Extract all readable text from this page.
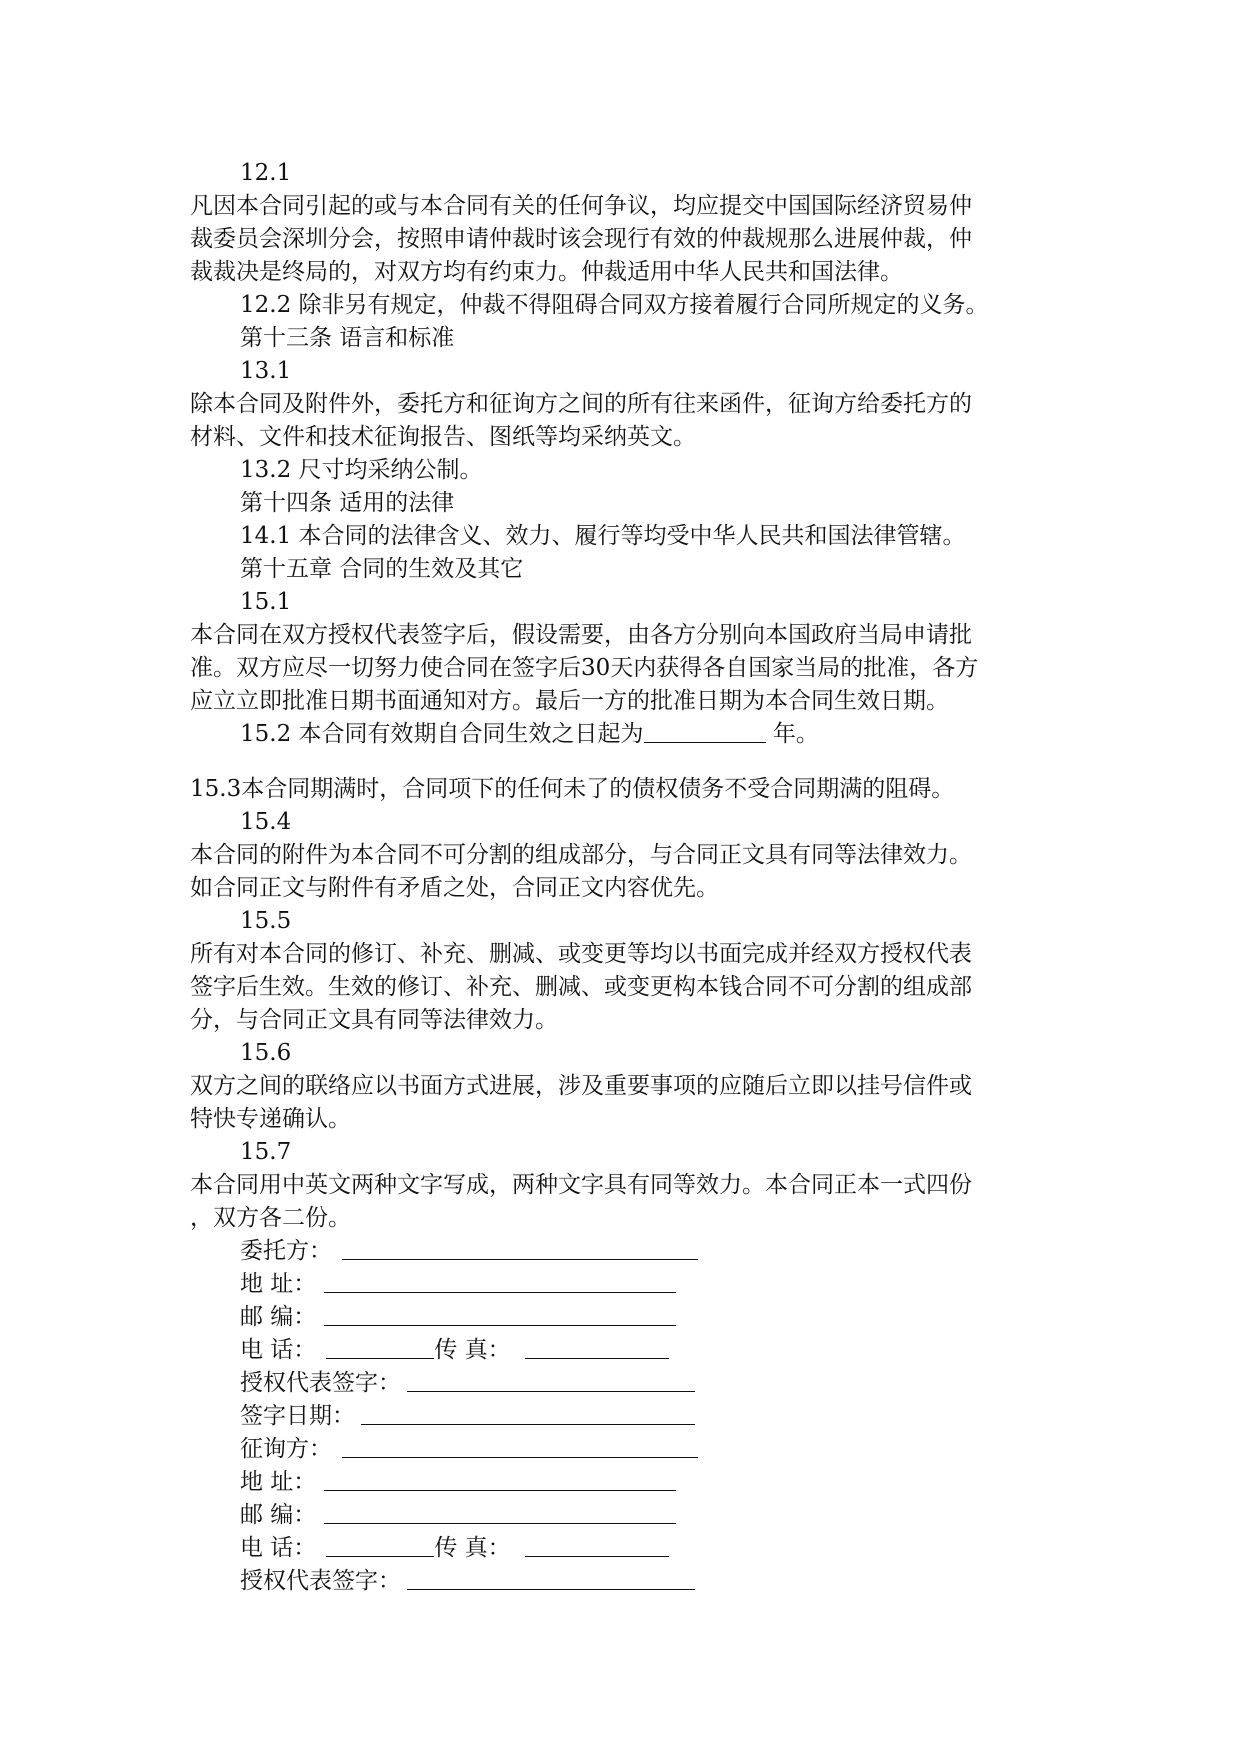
12.1
凡因本合同引起的或与本合同有关的任何争议，均应提交中国国际经济贸易仲
裁委员会深圳分会，按照申请仲裁时该会现行有效的仲裁规那么进展仲裁，仲
裁裁决是终局的，对双方均有约束力。仲裁适用中华人民共和国法律。
12.2 除非另有规定，仲裁不得阻碍合同双方接着履行合同所规定的义务。
第十三条 语言和标准
13.1
除本合同及附件外，委托方和征询方之间的所有往来函件，征询方给委托方的
材料、文件和技术征询报告、图纸等均采纳英文。
13.2 尺寸均采纳公制。
第十四条 适用的法律
14.1 本合同的法律含义、效力、履行等均受中华人民共和国法律管辖。
第十五章 合同的生效及其它
15.1
本合同在双方授权代表签字后，假设需要，由各方分别向本国政府当局申请批
准。双方应尽一切努力使合同在签字后30天内获得各自国家当局的批准，各方
应立立即批准日期书面通知对方。最后一方的批准日期为本合同生效日期。
15.2 本合同有效期自合同生效之日起为	年。
15.3本合同期满时，合同项下的任何未了的债权债务不受合同期满的阻碍。
15.4
本合同的附件为本合同不可分割的组成部分，与合同正文具有同等法律效力。
如合同正文与附件有矛盾之处，合同正文内容优先。
15.5
所有对本合同的修订、补充、删减、或变更等均以书面完成并经双方授权代表
签字后生效。生效的修订、补充、删减、或变更构本钱合同不可分割的组成部
分，与合同正文具有同等法律效力。
15.6
双方之间的联络应以书面方式进展，涉及重要事项的应随后立即以挂号信件或
特快专递确认。
15.7
本合同用中英文两种文字写成，两种文字具有同等效力。本合同正本一式四份
，双方各二份。
委托方：
地 址：
邮 编：
电 话：	传 真：
授权代表签字：
签字日期：
征询方：
地 址：
邮 编：
电 话：	传 真：
授权代表签字：
